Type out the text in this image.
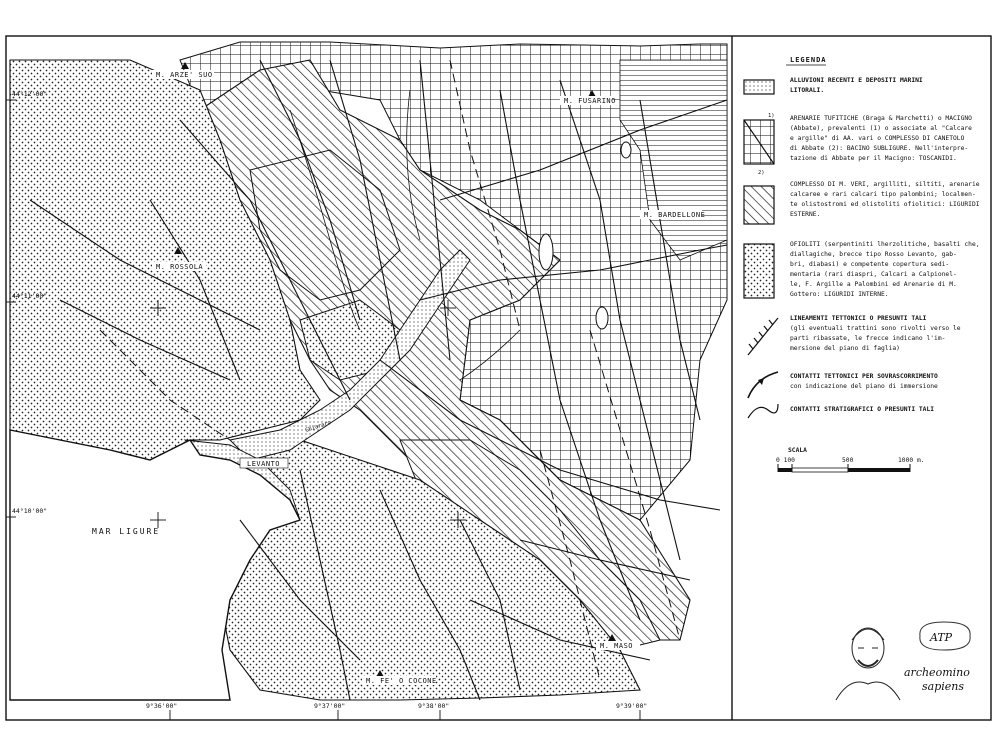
M. ARZE' SUO
M. FUSARINO
M. BARDELLONE
M. ROSSOLA
LEVANTO
M. FE' O COCONE
M. MASO
Ghiararo
MAR LIGURE
44°12'00"
44°11'00"
44°10'00"
9°36'00"	9°37'00"	9°38'00"	9°39'00"
LEGENDA
ALLUVIONI RECENTI E DEPOSITI MARINI
LITORALI.
1)
2)
ARENARIE TUFITICHE (Braga & Marchetti) o MACIGNO
(Abbate), prevalenti (1) o associate al "Calcare
e argille" di AA. vari o COMPLESSO DI CANETOLO
di Abbate (2): BACINO SUBLIGURE. Nell'interpre-
tazione di Abbate per il Macigno: TOSCANIDI.
COMPLESSO DI M. VERI, argilliti, siltiti, arenarie
calcaree e rari calcari tipo palombini; localmen-
te olistostromi ed olistoliti ofiolitici: LIGURIDI
ESTERNE.
OFIOLITI (serpentiniti lherzolitiche, basalti che,
diallagiche, brecce tipo Rosso Levanto, gab-
bri, diabasi) e competente copertura sedi-
mentaria (rari diaspri, Calcari a Calpionel-
le, F. Argille a Palombini ed Arenarie di M.
Gottero: LIGURIDI INTERNE.
LINEAMENTI TETTONICI O PRESUNTI TALI
(gli eventuali trattini sono rivolti verso le
parti ribassate, le frecce indicano l'im-
mersione del piano di faglia)
CONTATTI TETTONICI PER SOVRASCORRIMENTO
con indicazione del piano di immersione
CONTATTI STRATIGRAFICI O PRESUNTI TALI
SCALA
0 100	500	1000 m.
ATP
archeomino
sapiens
